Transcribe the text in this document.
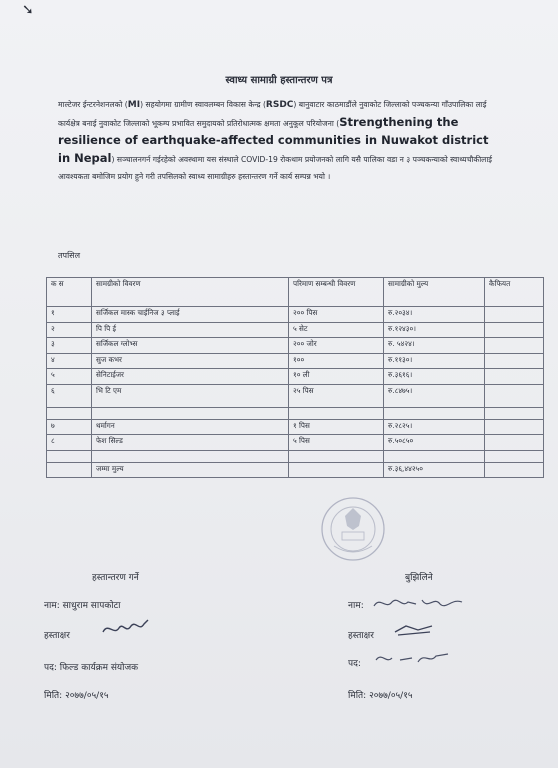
➘
स्वाध्य सामाग्री हस्तान्तरण पत्र
माल्टेजर ईन्टरनेशनलको (MI) सहयोगमा ग्रामीण स्वावलम्बन विकास केन्द्र (RSDC) बानुवाटार काठमाडौंले नुवाकोट जिल्लाको पञ्चकन्या गाँउपालिका लाई कार्यक्षेत्र बनाई नुवाकोट जिल्लाको भूकम्प प्रभावित समुदायको प्रतिरोधात्मक क्षमता अनुकूल परियोजना (Strengthening the resilience of earthquake-affected communities in Nuwakot district in Nepal) सञ्चालनगर्न गईरहेको अवस्थामा यस संस्थाले COVID-19 रोकथाम प्रयोजनको लागि यसै पालिका वडा न ३ पञ्चकन्याको स्वाथ्यचौकीलाई आवश्यकता बमोजिम प्रयोग हुने गरी तपसिलको स्वाध्य सामाग्रीहरु हस्तान्तरण गर्ने कार्य सम्पन्न भयो ।
तपसिल
क स	सामग्रीको विवरण	परिमाण सम्बन्धी विवरण	सामाग्रीको मुल्य	कैफियत
१	सर्जिकल मास्क चाईनिज ३ प्लाई	२०० पिस	रु.२०३४।	
२	पि पि ई	५ सेट	रु.१२४३०।	
३	सर्जिकल ग्लोभ्स	२०० जोर	रु. ५४२४।	
४	सुज कभर	१००	रु.११३०।	
५	सेनिटाईजर	१० ली	रु.३६१६।	
६	भि टि एम	२५ पिस	रु.८४७५।	

७	थर्मागन	१ पिस	रु.२८२५।	
८	फेश सिल्ड	५ पिस	रु.५०८५०	

	जम्मा मुल्य		रु.३६,४४२५०	
हस्तान्तरण गर्ने
नाम: साधुराम सापकोटा
हस्ताक्षर
पद: फिल्ड कार्यक्रम संयोजक
मिति: २०७७/०५/१५
बुझिलिने
नाम:
हस्ताक्षर
पद:
मिति: २०७७/०५/१५
